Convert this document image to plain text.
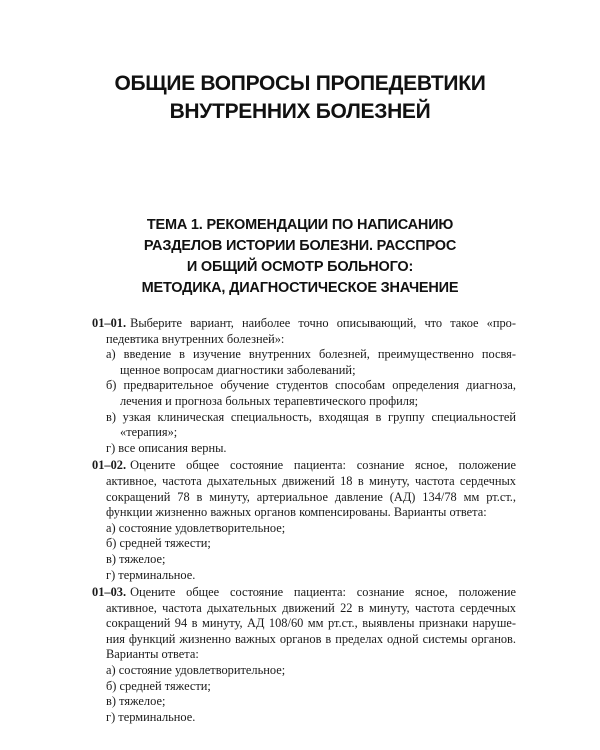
ОБЩИЕ ВОПРОСЫ ПРОПЕДЕВТИКИ
ВНУТРЕННИХ БОЛЕЗНЕЙ
ТЕМА 1. РЕКОМЕНДАЦИИ ПО НАПИСАНИЮ
РАЗДЕЛОВ ИСТОРИИ БОЛЕЗНИ. РАССПРОС
И ОБЩИЙ ОСМОТР БОЛЬНОГО:
МЕТОДИКА, ДИАГНОСТИЧЕСКОЕ ЗНАЧЕНИЕ
01–01. Выберите вариант, наиболее точно описывающий, что такое «про-
педевтика внутренних болезней»:
а) введение в изучение внутренних болезней, преимущественно посвя-
щенное вопросам диагностики заболеваний;
б) предварительное обучение студентов способам определения диагноза,
лечения и прогноза больных терапевтического профиля;
в) узкая клиническая специальность, входящая в группу специальностей
«терапия»;
г) все описания верны.
01–02. Оцените общее состояние пациента: сознание ясное, положение
активное, частота дыхательных движений 18 в минуту, частота сердечных
сокращений 78 в минуту, артериальное давление (АД) 134/78 мм рт.ст.,
функции жизненно важных органов компенсированы. Варианты ответа:
а) состояние удовлетворительное;
б) средней тяжести;
в) тяжелое;
г) терминальное.
01–03. Оцените общее состояние пациента: сознание ясное, положение
активное, частота дыхательных движений 22 в минуту, частота сердечных
сокращений 94 в минуту, АД 108/60 мм рт.ст., выявлены признаки наруше-
ния функций жизненно важных органов в пределах одной системы органов.
Варианты ответа:
а) состояние удовлетворительное;
б) средней тяжести;
в) тяжелое;
г) терминальное.
